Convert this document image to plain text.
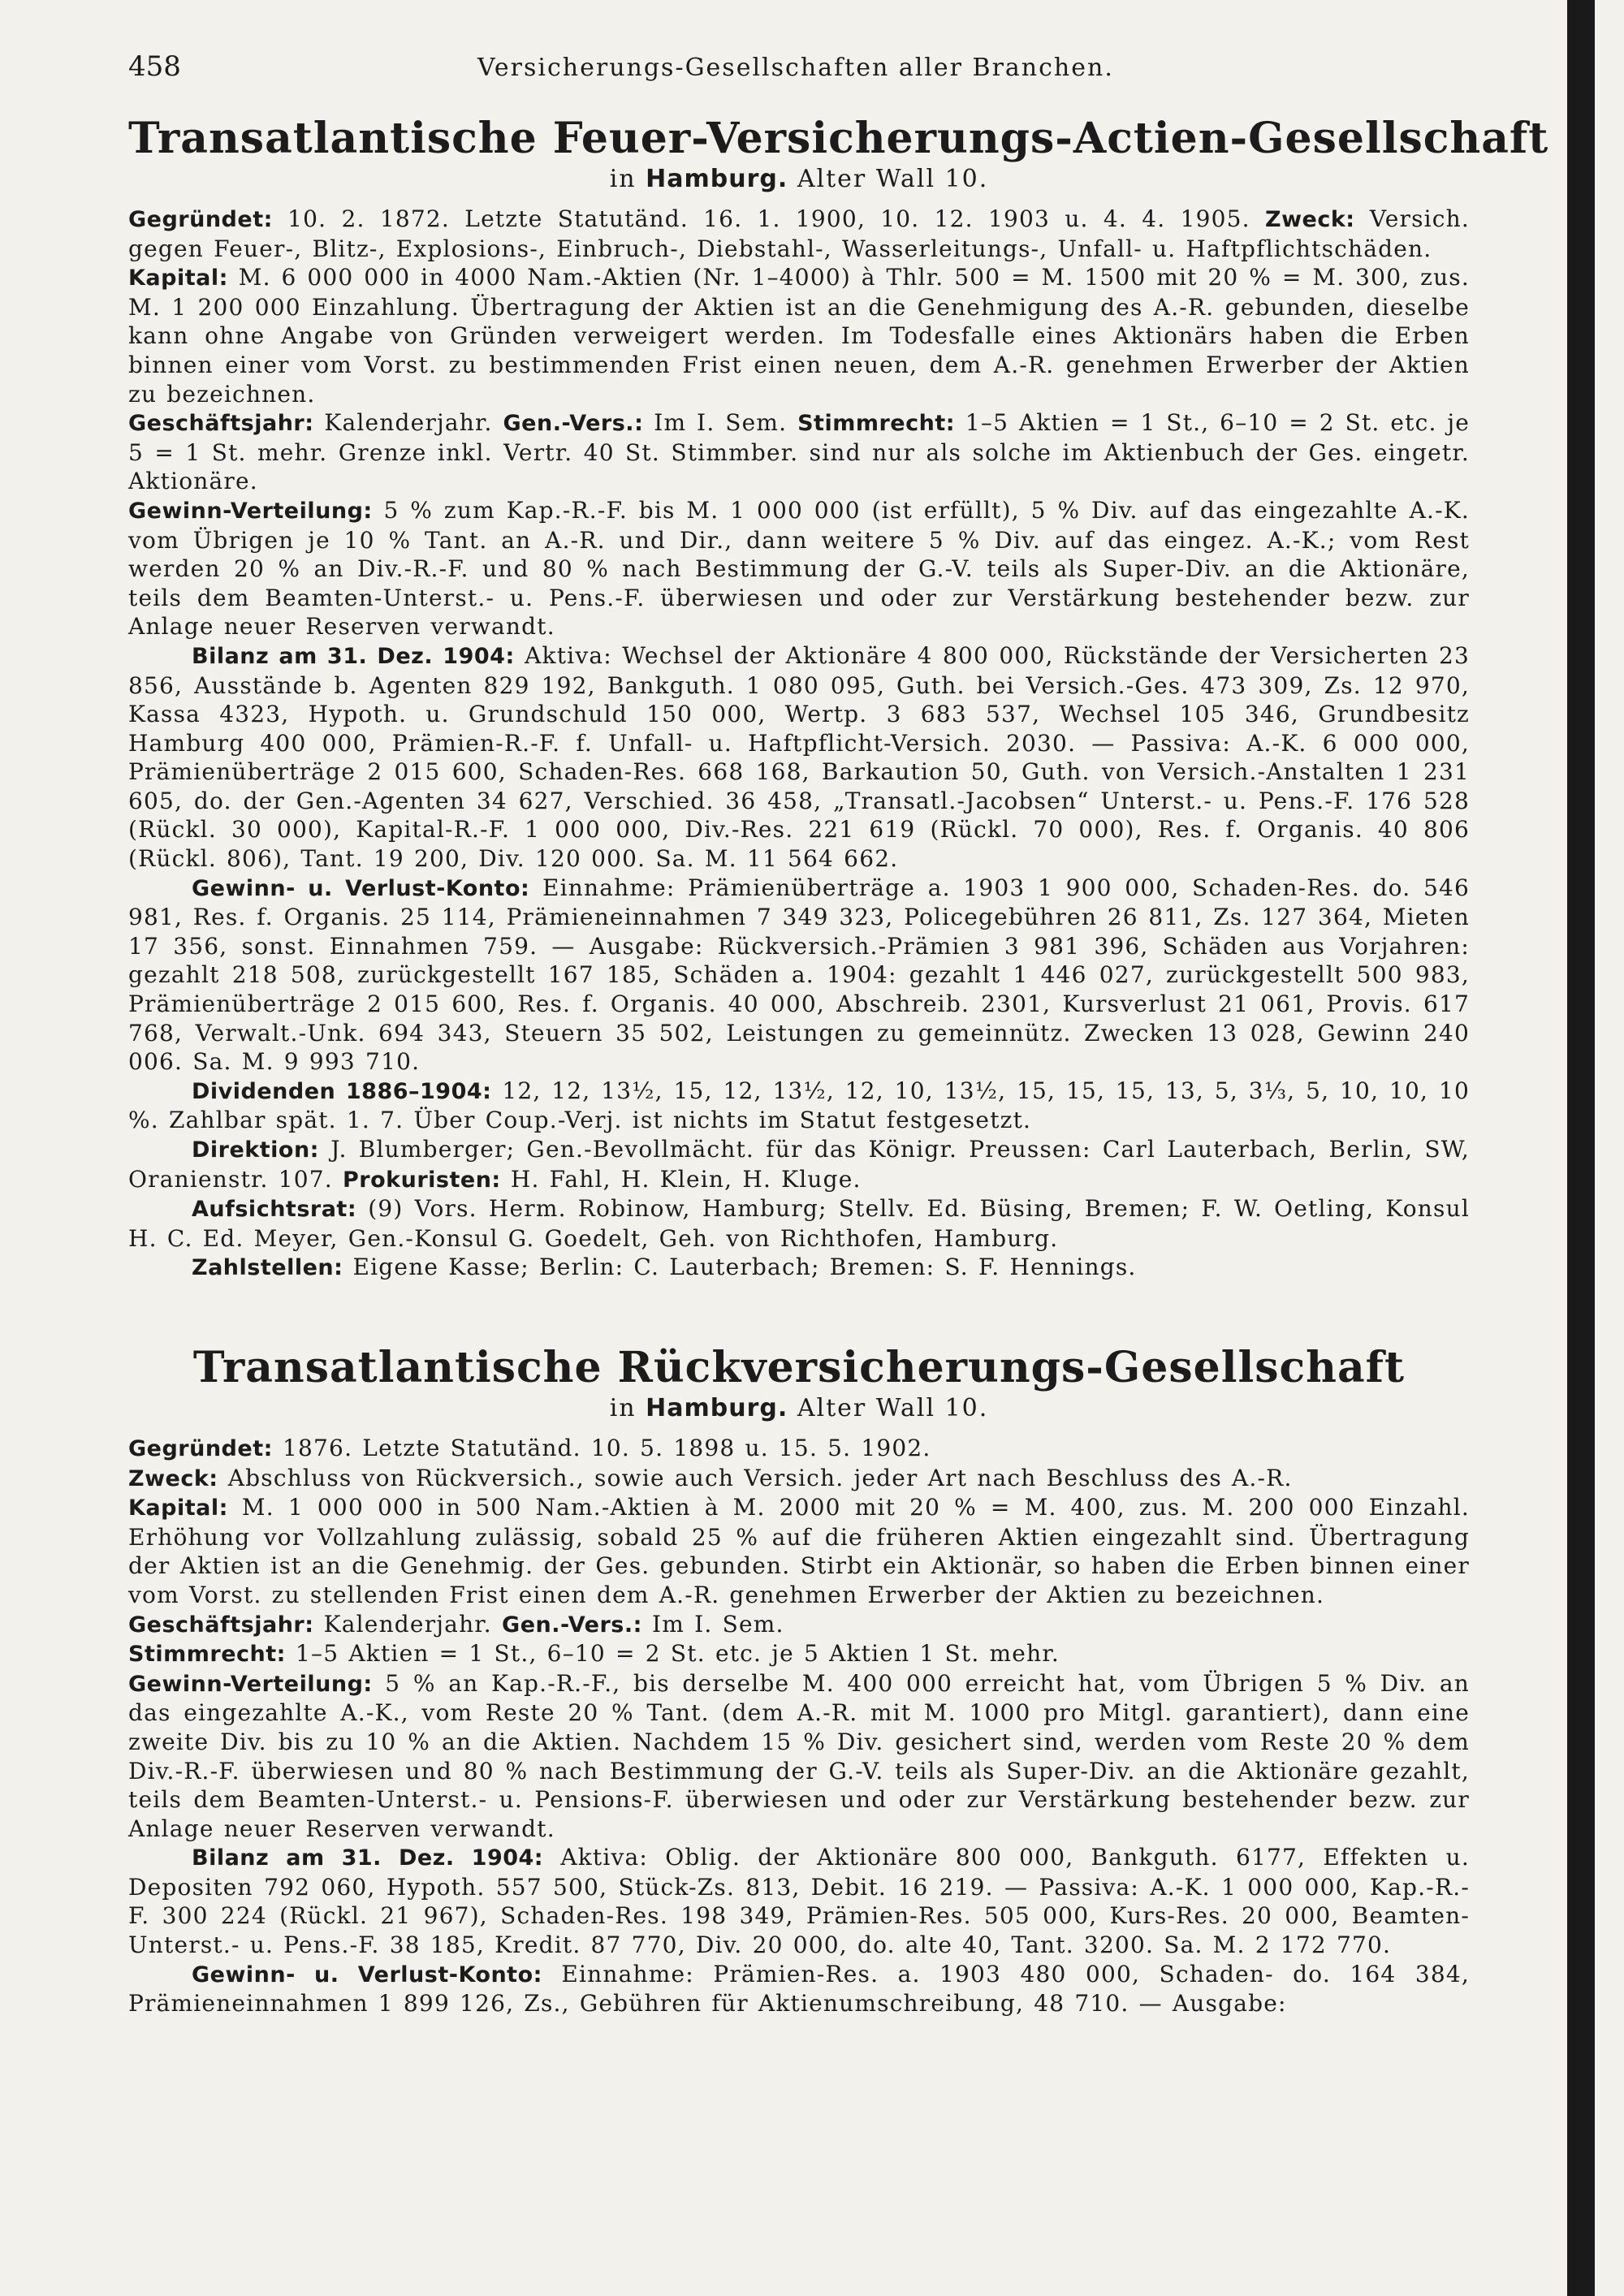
458	Versicherungs-Gesellschaften aller Branchen.
Transatlantische Feuer-Versicherungs-Actien-Gesellschaft
in Hamburg. Alter Wall 10.

Gegründet: 10. 2. 1872. Letzte Statutänd. 16. 1. 1900, 10. 12. 1903 u. 4. 4. 1905. Zweck: Versich. gegen Feuer-, Blitz-, Explosions-, Einbruch-, Diebstahl-, Wasserleitungs-, Unfall- u. Haftpflichtschäden.

Kapital: M. 6 000 000 in 4000 Nam.-Aktien (Nr. 1–4000) à Thlr. 500 = M. 1500 mit 20 % = M. 300, zus. M. 1 200 000 Einzahlung. Übertragung der Aktien ist an die Genehmigung des A.-R. gebunden, dieselbe kann ohne Angabe von Gründen verweigert werden. Im Todesfalle eines Aktionärs haben die Erben binnen einer vom Vorst. zu bestimmenden Frist einen neuen, dem A.-R. genehmen Erwerber der Aktien zu bezeichnen.

Geschäftsjahr: Kalenderjahr. Gen.-Vers.: Im I. Sem. Stimmrecht: 1–5 Aktien = 1 St., 6–10 = 2 St. etc. je 5 = 1 St. mehr. Grenze inkl. Vertr. 40 St. Stimmber. sind nur als solche im Aktienbuch der Ges. eingetr. Aktionäre.

Gewinn-Verteilung: 5 % zum Kap.-R.-F. bis M. 1 000 000 (ist erfüllt), 5 % Div. auf das eingezahlte A.-K. vom Übrigen je 10 % Tant. an A.-R. und Dir., dann weitere 5 % Div. auf das eingez. A.-K.; vom Rest werden 20 % an Div.-R.-F. und 80 % nach Bestimmung der G.-V. teils als Super-Div. an die Aktionäre, teils dem Beamten-Unterst.- u. Pens.-F. überwiesen und oder zur Verstärkung bestehender bezw. zur Anlage neuer Reserven verwandt.

Bilanz am 31. Dez. 1904: Aktiva: Wechsel der Aktionäre 4 800 000, Rückstände der Versicherten 23 856, Ausstände b. Agenten 829 192, Bankguth. 1 080 095, Guth. bei Versich.-Ges. 473 309, Zs. 12 970, Kassa 4323, Hypoth. u. Grundschuld 150 000, Wertp. 3 683 537, Wechsel 105 346, Grundbesitz Hamburg 400 000, Prämien-R.-F. f. Unfall- u. Haftpflicht-Versich. 2030. — Passiva: A.-K. 6 000 000, Prämienüberträge 2 015 600, Schaden-Res. 668 168, Barkaution 50, Guth. von Versich.-Anstalten 1 231 605, do. der Gen.-Agenten 34 627, Verschied. 36 458, „Transatl.-Jacobsen“ Unterst.- u. Pens.-F. 176 528 (Rückl. 30 000), Kapital-R.-F. 1 000 000, Div.-Res. 221 619 (Rückl. 70 000), Res. f. Organis. 40 806 (Rückl. 806), Tant. 19 200, Div. 120 000. Sa. M. 11 564 662.

Gewinn- u. Verlust-Konto: Einnahme: Prämienüberträge a. 1903 1 900 000, Schaden-Res. do. 546 981, Res. f. Organis. 25 114, Prämieneinnahmen 7 349 323, Policegebühren 26 811, Zs. 127 364, Mieten 17 356, sonst. Einnahmen 759. — Ausgabe: Rückversich.-Prämien 3 981 396, Schäden aus Vorjahren: gezahlt 218 508, zurückgestellt 167 185, Schäden a. 1904: gezahlt 1 446 027, zurückgestellt 500 983, Prämienüberträge 2 015 600, Res. f. Organis. 40 000, Abschreib. 2301, Kursverlust 21 061, Provis. 617 768, Verwalt.-Unk. 694 343, Steuern 35 502, Leistungen zu gemeinnütz. Zwecken 13 028, Gewinn 240 006. Sa. M. 9 993 710.

Dividenden 1886–1904: 12, 12, 13½, 15, 12, 13½, 12, 10, 13½, 15, 15, 15, 13, 5, 3⅓, 5, 10, 10, 10 %. Zahlbar spät. 1. 7. Über Coup.-Verj. ist nichts im Statut festgesetzt.

Direktion: J. Blumberger; Gen.-Bevollmächt. für das Königr. Preussen: Carl Lauterbach, Berlin, SW, Oranienstr. 107. Prokuristen: H. Fahl, H. Klein, H. Kluge.

Aufsichtsrat: (9) Vors. Herm. Robinow, Hamburg; Stellv. Ed. Büsing, Bremen; F. W. Oetling, Konsul H. C. Ed. Meyer, Gen.-Konsul G. Goedelt, Geh. von Richthofen, Hamburg.

Zahlstellen: Eigene Kasse; Berlin: C. Lauterbach; Bremen: S. F. Hennings.

Transatlantische Rückversicherungs-Gesellschaft
in Hamburg. Alter Wall 10.

Gegründet: 1876. Letzte Statutänd. 10. 5. 1898 u. 15. 5. 1902.

Zweck: Abschluss von Rückversich., sowie auch Versich. jeder Art nach Beschluss des A.-R.

Kapital: M. 1 000 000 in 500 Nam.-Aktien à M. 2000 mit 20 % = M. 400, zus. M. 200 000 Einzahl. Erhöhung vor Vollzahlung zulässig, sobald 25 % auf die früheren Aktien eingezahlt sind. Übertragung der Aktien ist an die Genehmig. der Ges. gebunden. Stirbt ein Aktionär, so haben die Erben binnen einer vom Vorst. zu stellenden Frist einen dem A.-R. genehmen Erwerber der Aktien zu bezeichnen.

Geschäftsjahr: Kalenderjahr. Gen.-Vers.: Im I. Sem.

Stimmrecht: 1–5 Aktien = 1 St., 6–10 = 2 St. etc. je 5 Aktien 1 St. mehr.

Gewinn-Verteilung: 5 % an Kap.-R.-F., bis derselbe M. 400 000 erreicht hat, vom Übrigen 5 % Div. an das eingezahlte A.-K., vom Reste 20 % Tant. (dem A.-R. mit M. 1000 pro Mitgl. garantiert), dann eine zweite Div. bis zu 10 % an die Aktien. Nachdem 15 % Div. gesichert sind, werden vom Reste 20 % dem Div.-R.-F. überwiesen und 80 % nach Bestimmung der G.-V. teils als Super-Div. an die Aktionäre gezahlt, teils dem Beamten-Unterst.- u. Pensions-F. überwiesen und oder zur Verstärkung bestehender bezw. zur Anlage neuer Reserven verwandt.

Bilanz am 31. Dez. 1904: Aktiva: Oblig. der Aktionäre 800 000, Bankguth. 6177, Effekten u. Depositen 792 060, Hypoth. 557 500, Stück-Zs. 813, Debit. 16 219. — Passiva: A.-K. 1 000 000, Kap.-R.-F. 300 224 (Rückl. 21 967), Schaden-Res. 198 349, Prämien-Res. 505 000, Kurs-Res. 20 000, Beamten-Unterst.- u. Pens.-F. 38 185, Kredit. 87 770, Div. 20 000, do. alte 40, Tant. 3200. Sa. M. 2 172 770.

Gewinn- u. Verlust-Konto: Einnahme: Prämien-Res. a. 1903 480 000, Schaden- do. 164 384, Prämieneinnahmen 1 899 126, Zs., Gebühren für Aktienumschreibung, 48 710. — Ausgabe:
